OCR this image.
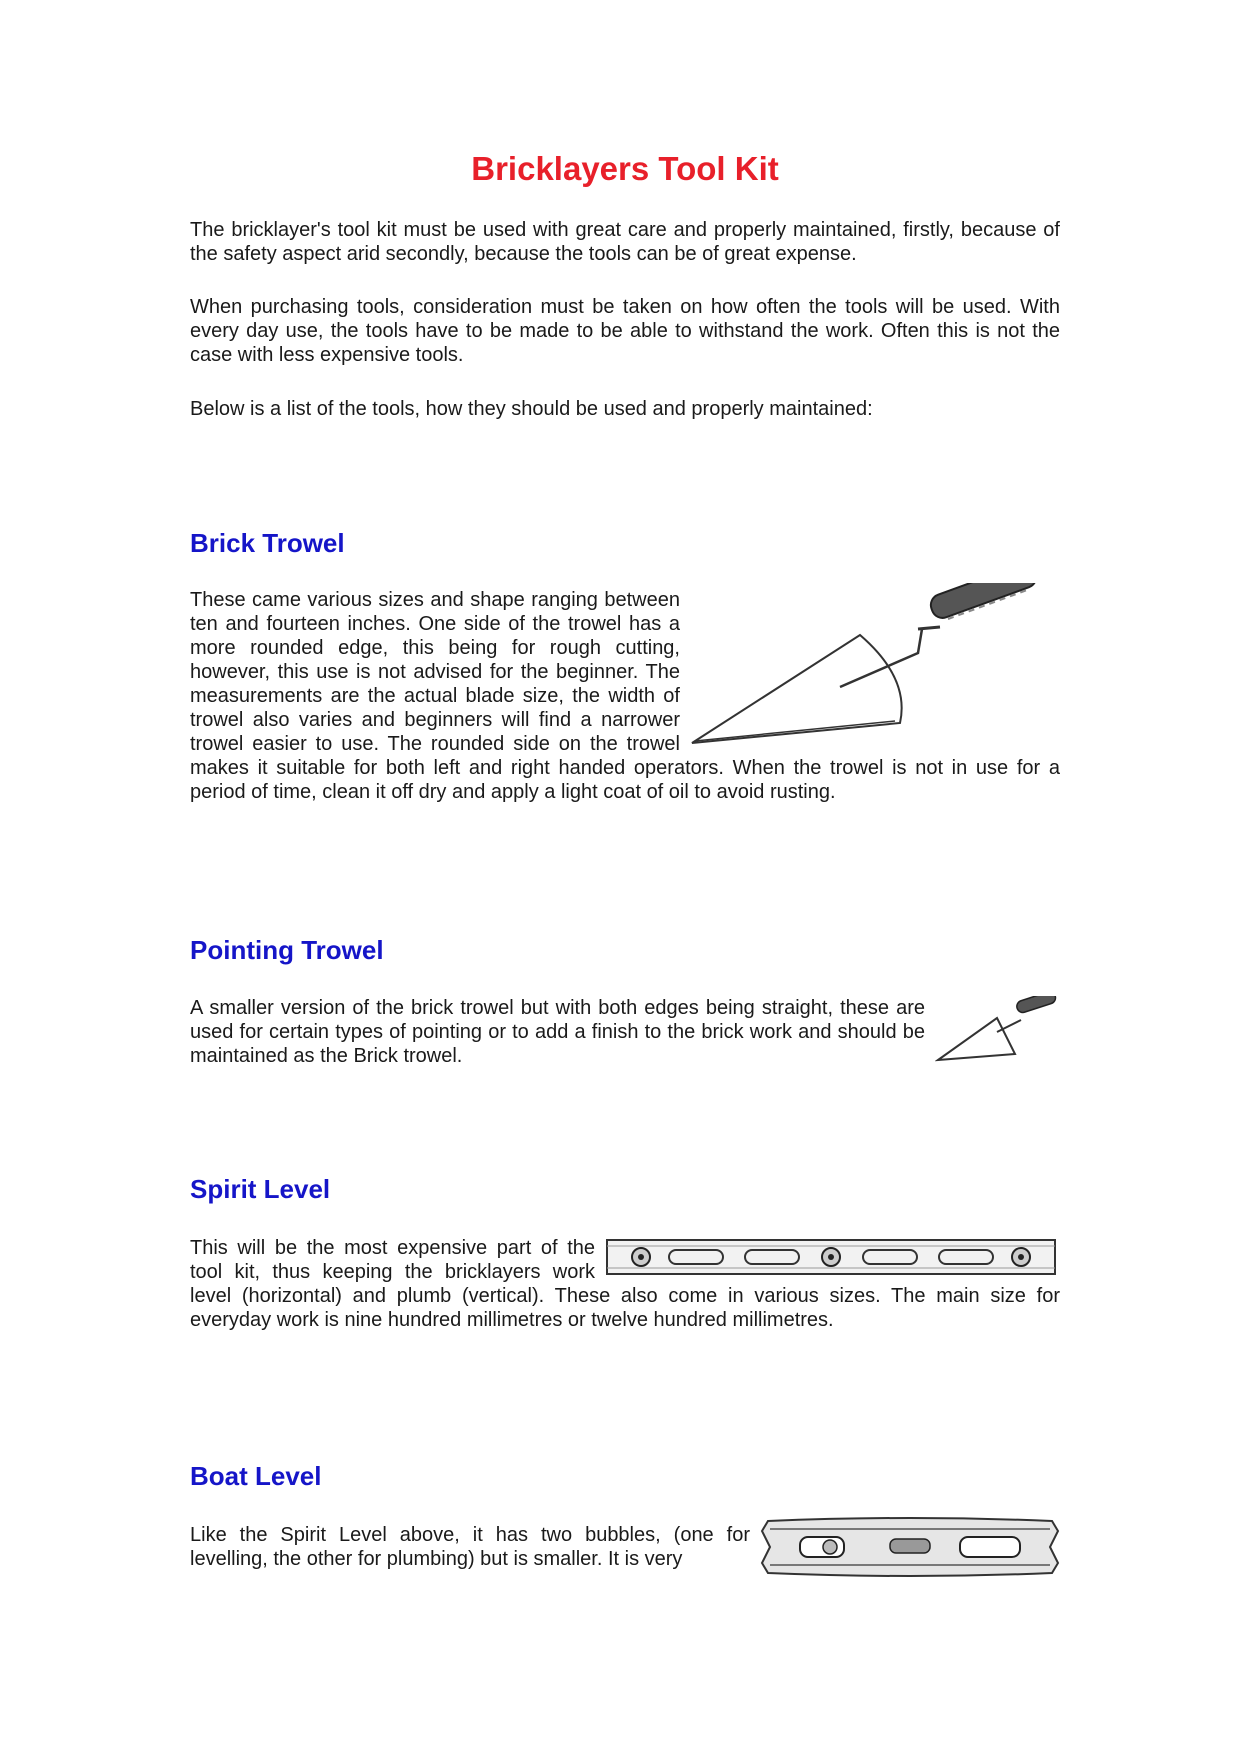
Bricklayers Tool Kit

The bricklayer's tool kit must be used with great care and properly maintained, firstly, because of the safety aspect arid secondly, because the tools can be of great expense.

When purchasing tools, consideration must be taken on how often the tools will be used. With every day use, the tools have to be made to be able to withstand the work. Often this is not the case with less expensive tools.

Below is a list of the tools, how they should be used and properly maintained:

Brick Trowel
These came various sizes and shape ranging between ten and fourteen inches. One side of the trowel has a more rounded edge, this being for rough cutting, however, this use is not advised for the beginner. The measurements are the actual blade size, the width of trowel also varies and beginners will find a narrower trowel easier to use. The rounded side on the trowel makes it suitable for both left and right handed operators. When the trowel is not in use for a period of time, clean it off dry and apply a light coat of oil to avoid rusting.
Pointing Trowel
A smaller version of the brick trowel but with both edges being straight, these are used for certain types of pointing or to add a finish to the brick work and should be maintained as the Brick trowel.
Spirit Level
This will be the most expensive part of the tool kit, thus keeping the bricklayers work level (horizontal) and plumb (vertical). These also come in various sizes. The main size for everyday work is nine hundred millimetres or twelve hundred millimetres.
Boat Level
Like the Spirit Level above, it has two bubbles, (one for levelling, the other for plumbing) but is smaller. It is very
